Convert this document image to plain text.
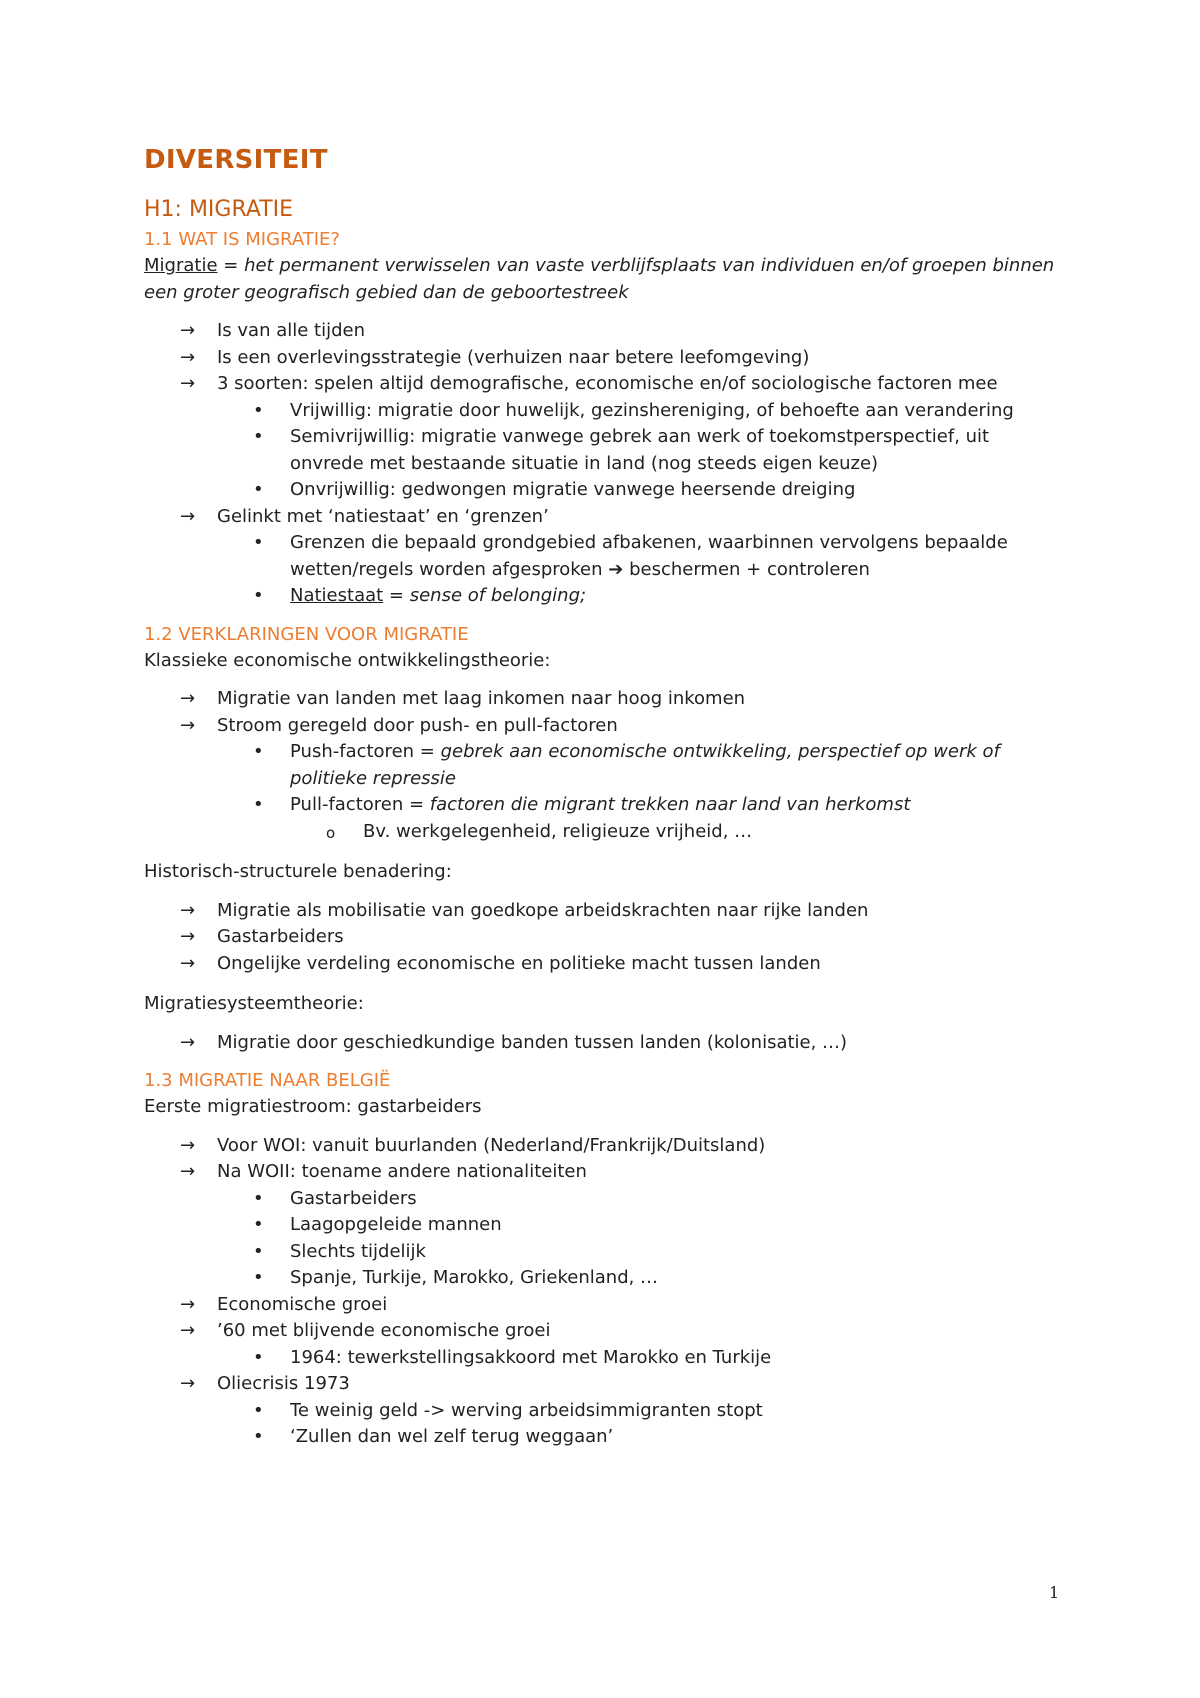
DIVERSITEIT
H1: MIGRATIE
1.1 WAT IS MIGRATIE?

Migratie = het permanent verwisselen van vaste verblijfsplaats van individuen en/of groepen binnen een groter geografisch gebied dan de geboortestreek

→ Is van alle tijden
→ Is een overlevingsstrategie (verhuizen naar betere leefomgeving)
→ 3 soorten: spelen altijd demografische, economische en/of sociologische factoren mee
• Vrijwillig: migratie door huwelijk, gezinshereniging, of behoefte aan verandering
• Semivrijwillig: migratie vanwege gebrek aan werk of toekomstperspectief, uit onvrede met bestaande situatie in land (nog steeds eigen keuze)
• Onvrijwillig: gedwongen migratie vanwege heersende dreiging
→ Gelinkt met ‘natiestaat’ en ‘grenzen’
• Grenzen die bepaald grondgebied afbakenen, waarbinnen vervolgens bepaalde wetten/regels worden afgesproken ➔ beschermen + controleren
• Natiestaat = sense of belonging;
1.2 VERKLARINGEN VOOR MIGRATIE

Klassieke economische ontwikkelingstheorie:

→ Migratie van landen met laag inkomen naar hoog inkomen
→ Stroom geregeld door push- en pull-factoren
• Push-factoren = gebrek aan economische ontwikkeling, perspectief op werk of politieke repressie
• Pull-factoren = factoren die migrant trekken naar land van herkomst
o Bv. werkgelegenheid, religieuze vrijheid, …

Historisch-structurele benadering:

→ Migratie als mobilisatie van goedkope arbeidskrachten naar rijke landen
→ Gastarbeiders
→ Ongelijke verdeling economische en politieke macht tussen landen

Migratiesysteemtheorie:

→ Migratie door geschiedkundige banden tussen landen (kolonisatie, …)
1.3 MIGRATIE NAAR BELGIË

Eerste migratiestroom: gastarbeiders

→ Voor WOI: vanuit buurlanden (Nederland/Frankrijk/Duitsland)
→ Na WOII: toename andere nationaliteiten
• Gastarbeiders
• Laagopgeleide mannen
• Slechts tijdelijk
• Spanje, Turkije, Marokko, Griekenland, …
→ Economische groei
→ ’60 met blijvende economische groei
• 1964: tewerkstellingsakkoord met Marokko en Turkije
→ Oliecrisis 1973
• Te weinig geld -> werving arbeidsimmigranten stopt
• ‘Zullen dan wel zelf terug weggaan’
1
